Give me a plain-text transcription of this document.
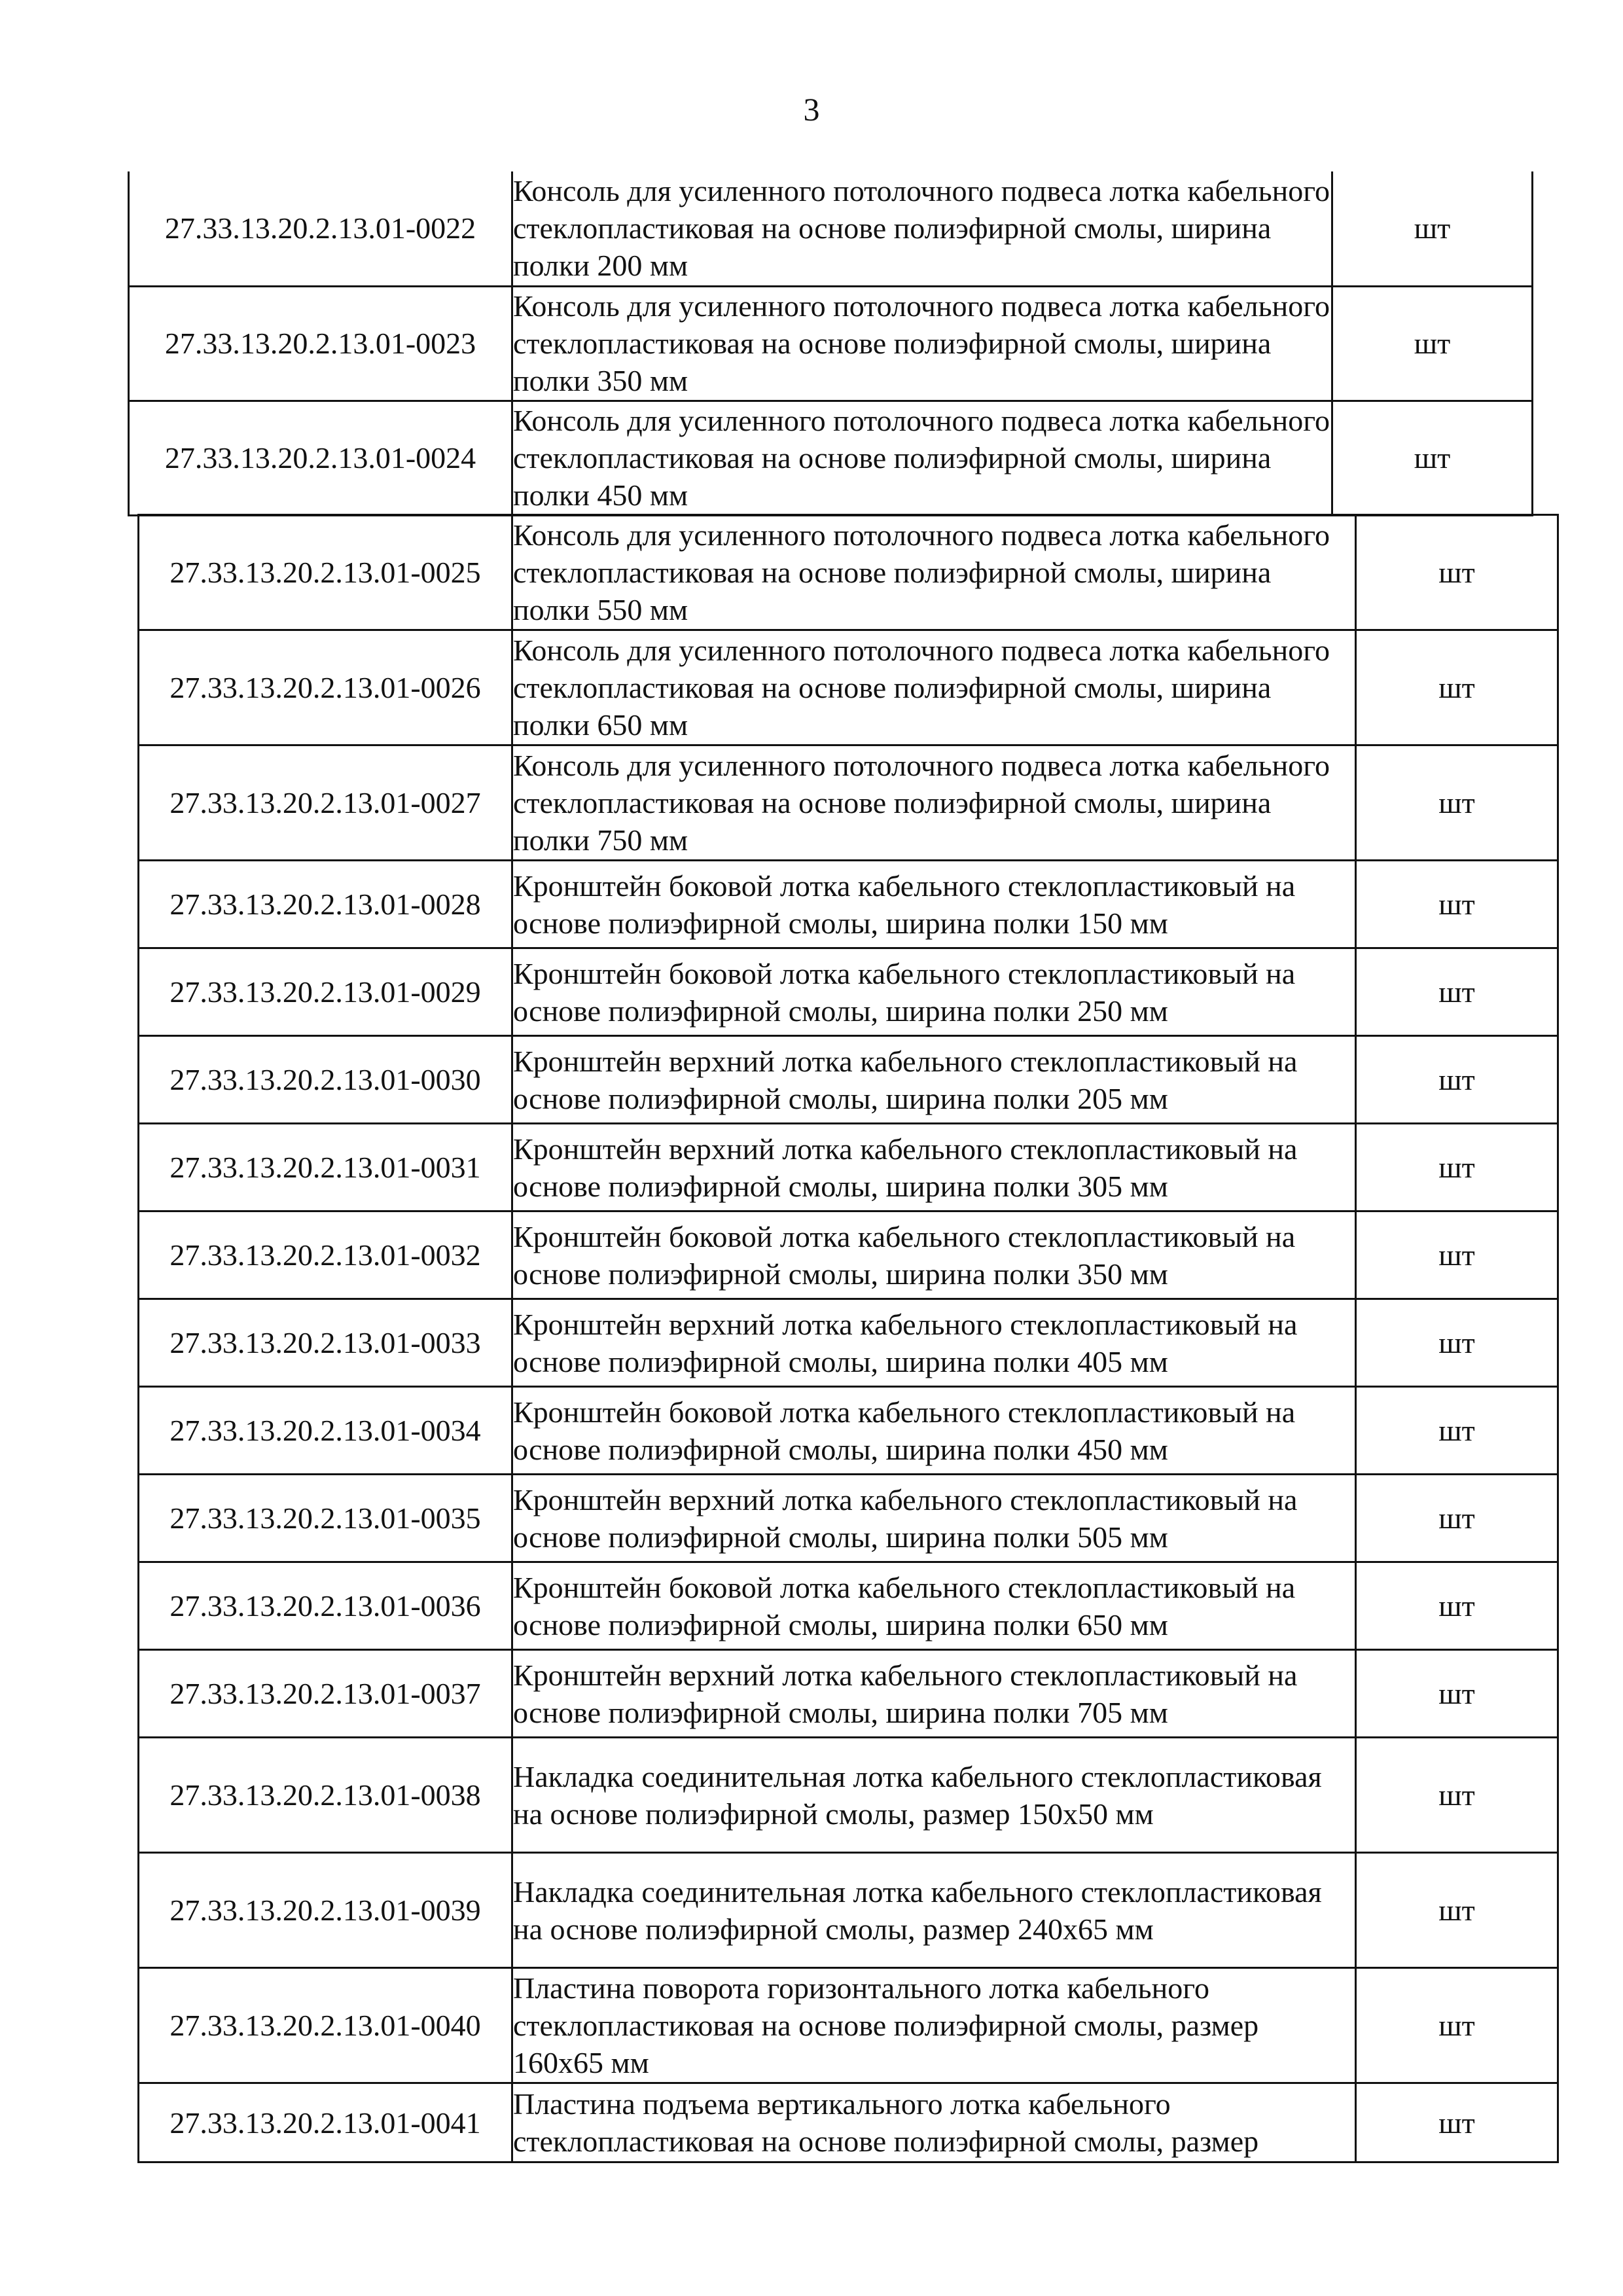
3
27.33.13.20.2.13.01-0022	Консоль для усиленного потолочного подвеса лотка кабельного стеклопластиковая на основе полиэфирной смолы, ширина полки 200 мм	шт
27.33.13.20.2.13.01-0023	Консоль для усиленного потолочного подвеса лотка кабельного стеклопластиковая на основе полиэфирной смолы, ширина полки 350 мм	шт
27.33.13.20.2.13.01-0024	Консоль для усиленного потолочного подвеса лотка кабельного стеклопластиковая на основе полиэфирной смолы, ширина полки 450 мм	шт
27.33.13.20.2.13.01-0025	Консоль для усиленного потолочного подвеса лотка кабельного стеклопластиковая на основе полиэфирной смолы, ширина полки 550 мм	шт
27.33.13.20.2.13.01-0026	Консоль для усиленного потолочного подвеса лотка кабельного стеклопластиковая на основе полиэфирной смолы, ширина полки 650 мм	шт
27.33.13.20.2.13.01-0027	Консоль для усиленного потолочного подвеса лотка кабельного стеклопластиковая на основе полиэфирной смолы, ширина полки 750 мм	шт
27.33.13.20.2.13.01-0028	Кронштейн боковой лотка кабельного стеклопластиковый на основе полиэфирной смолы, ширина полки 150 мм	шт
27.33.13.20.2.13.01-0029	Кронштейн боковой лотка кабельного стеклопластиковый на основе полиэфирной смолы, ширина полки 250 мм	шт
27.33.13.20.2.13.01-0030	Кронштейн верхний лотка кабельного стеклопластиковый на основе полиэфирной смолы, ширина полки 205 мм	шт
27.33.13.20.2.13.01-0031	Кронштейн верхний лотка кабельного стеклопластиковый на основе полиэфирной смолы, ширина полки 305 мм	шт
27.33.13.20.2.13.01-0032	Кронштейн боковой лотка кабельного стеклопластиковый на основе полиэфирной смолы, ширина полки 350 мм	шт
27.33.13.20.2.13.01-0033	Кронштейн верхний лотка кабельного стеклопластиковый на основе полиэфирной смолы, ширина полки 405 мм	шт
27.33.13.20.2.13.01-0034	Кронштейн боковой лотка кабельного стеклопластиковый на основе полиэфирной смолы, ширина полки 450 мм	шт
27.33.13.20.2.13.01-0035	Кронштейн верхний лотка кабельного стеклопластиковый на основе полиэфирной смолы, ширина полки 505 мм	шт
27.33.13.20.2.13.01-0036	Кронштейн боковой лотка кабельного стеклопластиковый на основе полиэфирной смолы, ширина полки 650 мм	шт
27.33.13.20.2.13.01-0037	Кронштейн верхний лотка кабельного стеклопластиковый на основе полиэфирной смолы, ширина полки 705 мм	шт
27.33.13.20.2.13.01-0038	Накладка соединительная лотка кабельного стеклопластиковая на основе полиэфирной смолы, размер 150х50 мм	шт
27.33.13.20.2.13.01-0039	Накладка соединительная лотка кабельного стеклопластиковая на основе полиэфирной смолы, размер 240х65 мм	шт
27.33.13.20.2.13.01-0040	Пластина поворота горизонтального лотка кабельного стеклопластиковая на основе полиэфирной смолы, размер 160х65 мм	шт
27.33.13.20.2.13.01-0041	Пластина подъема вертикального лотка кабельного стеклопластиковая на основе полиэфирной смолы, размер	шт
